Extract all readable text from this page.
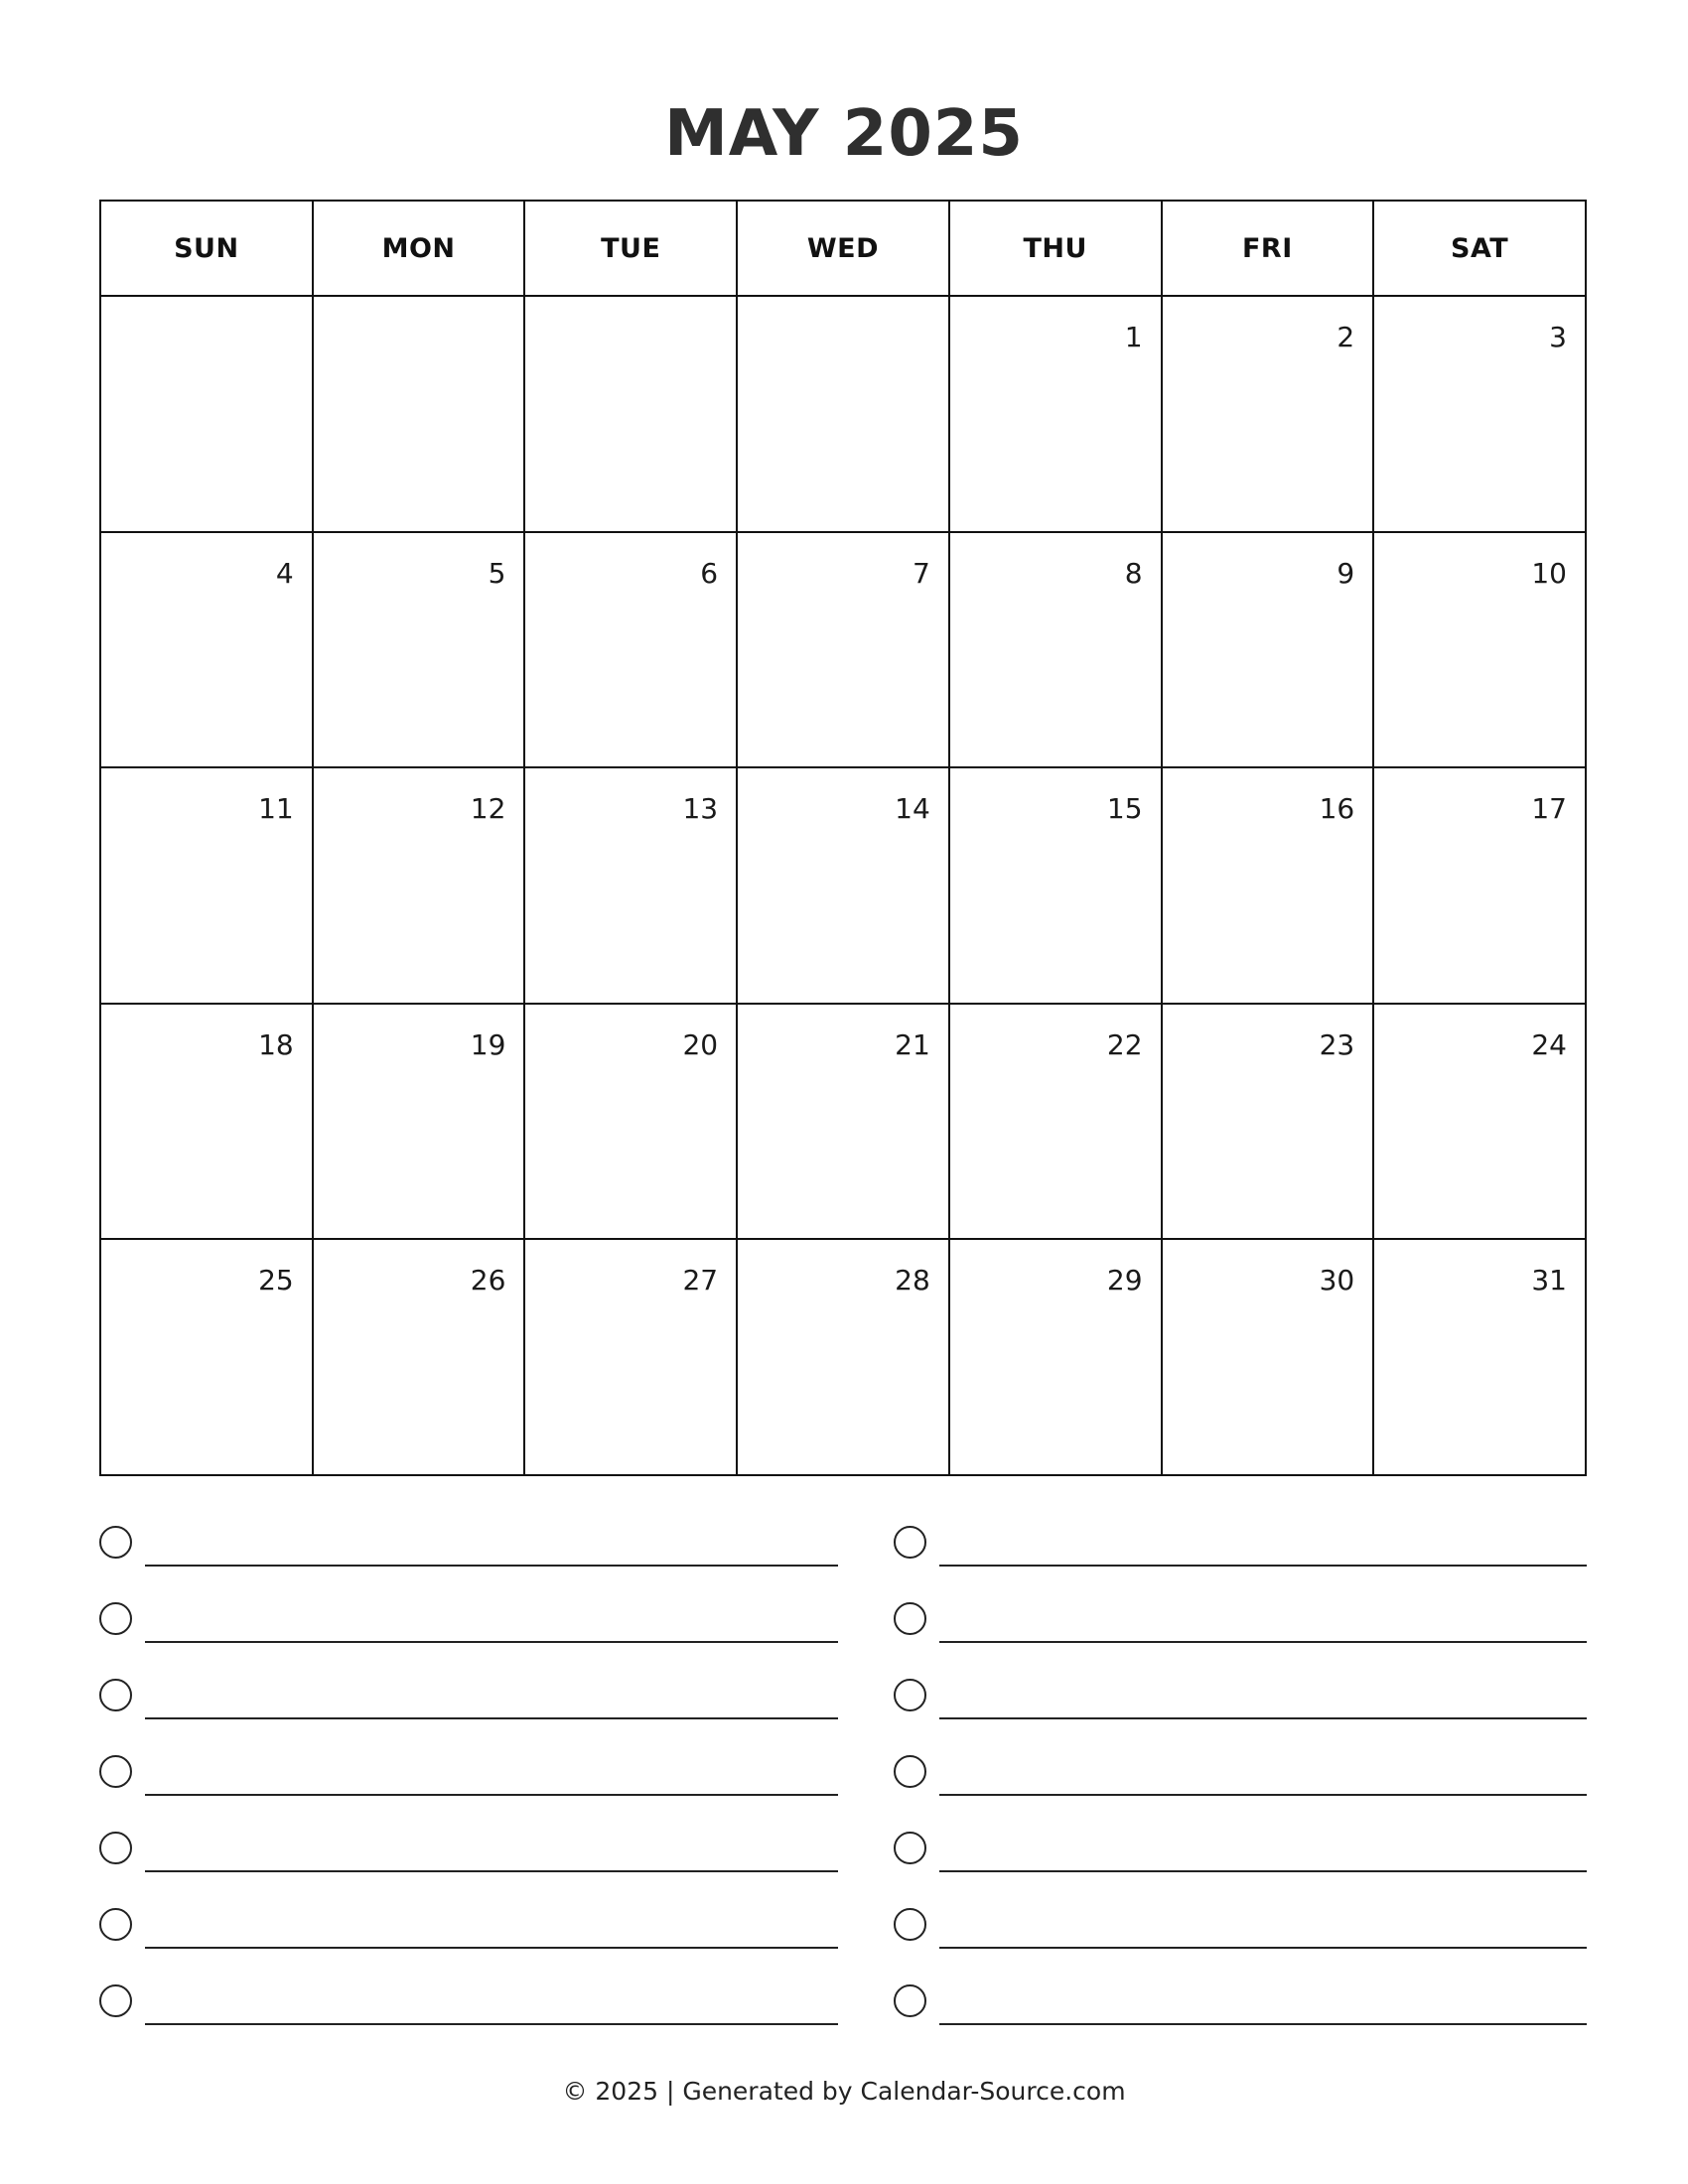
MAY 2025
SUN	MON	TUE	WED	THU	FRI	SAT

				1	2	3

4	5	6	7	8	9	10

11	12	13	14	15	16	17

18	19	20	21	22	23	24

25	26	27	28	29	30	31
© 2025 | Generated by Calendar-Source.com
